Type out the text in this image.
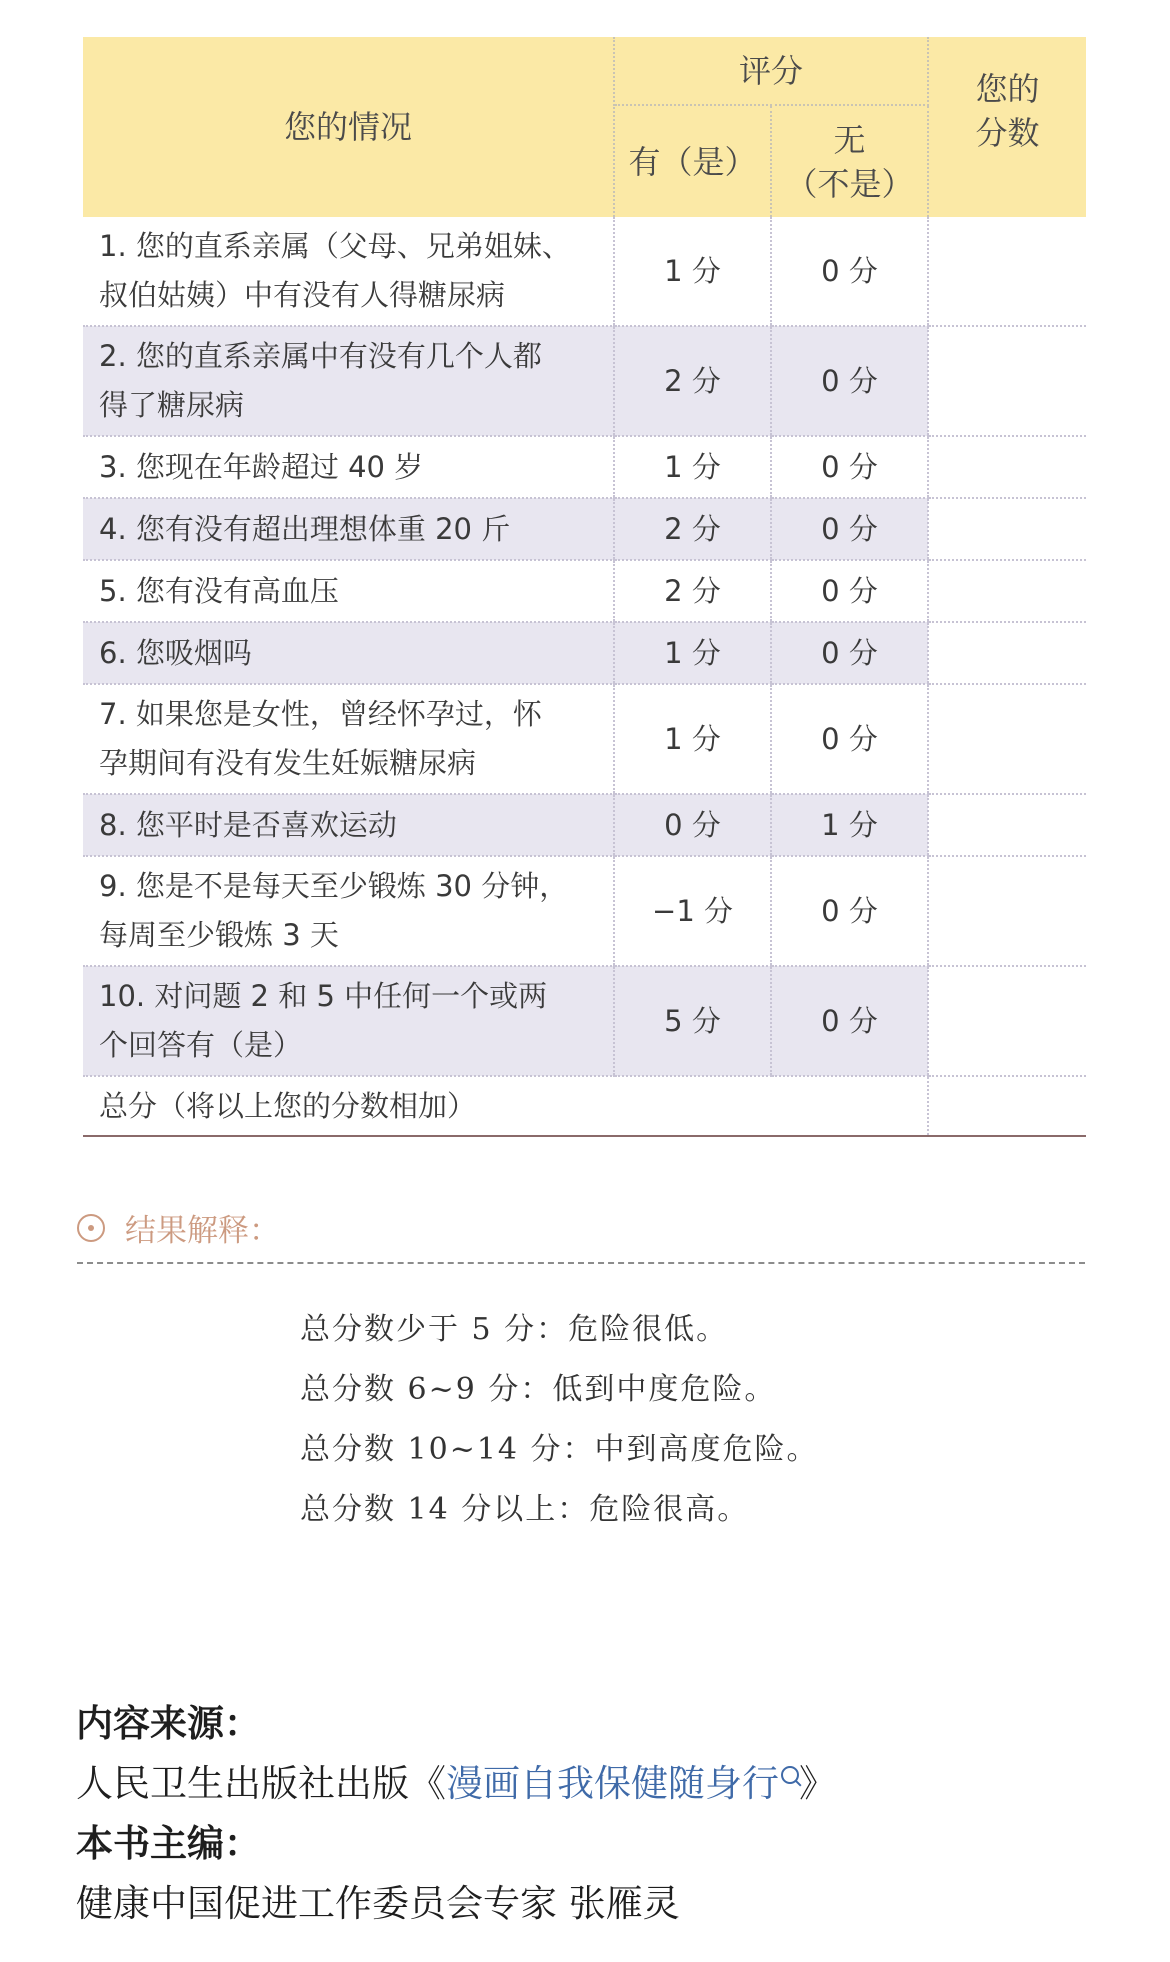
您的情况	评分		您的
分数

	有（是）	无
（不是）	

1. 您的直系亲属（父母、兄弟姐妹、
叔伯姑姨）中有没有人得糖尿病	1 分	0 分	

2. 您的直系亲属中有没有几个人都
得了糖尿病	2 分	0 分	

3. 您现在年龄超过 40 岁	1 分	0 分	

4. 您有没有超出理想体重 20 斤	2 分	0 分	

5. 您有没有高血压	2 分	0 分	

6. 您吸烟吗	1 分	0 分	

7. 如果您是女性，曾经怀孕过，怀
孕期间有没有发生妊娠糖尿病	1 分	0 分	

8. 您平时是否喜欢运动	0 分	1 分	

9. 您是不是每天至少锻炼 30 分钟，
每周至少锻炼 3 天	−1 分	0 分	

10. 对问题 2 和 5 中任何一个或两
个回答有（是）	5 分	0 分	
总分（将以上您的分数相加）			
结果解释：
总分数少于 5 分：危险很低。
总分数 6~9 分：低到中度危险。
总分数 10~14 分：中到高度危险。
总分数 14 分以上：危险很高。
内容来源：
人民卫生出版社出版《漫画自我保健随身行 》
本书主编：
健康中国促进工作委员会专家 张雁灵
